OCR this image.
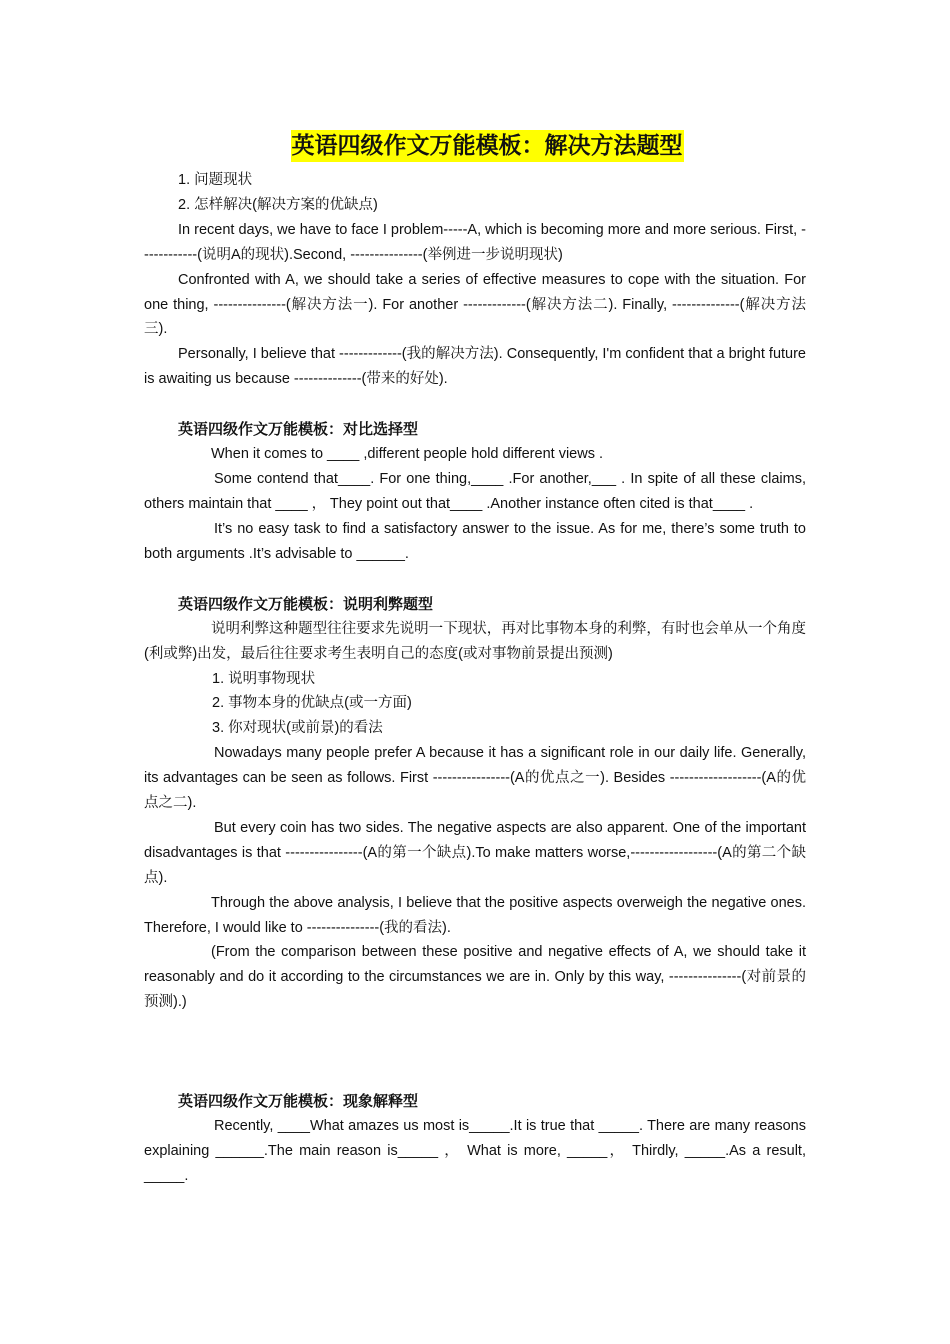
英语四级作文万能模板：解决方法题型

1. 问题现状

2. 怎样解决(解决方案的优缺点)

In recent days, we have to face I problem-----A, which is becoming more and more serious. First, ------------(说明A的现状).Second, ---------------(举例进一步说明现状)

Confronted with A, we should take a series of effective measures to cope with the situation. For one thing, ---------------(解决方法一). For another -------------(解决方法二). Finally, --------------(解决方法三).

Personally, I believe that -------------(我的解决方法). Consequently, I'm confident that a bright future is awaiting us because --------------(带来的好处).

英语四级作文万能模板：对比选择型

When it comes to ____ ,different people hold different views .

Some contend that____. For one thing,____ .For another,___ . In spite of all these claims, others maintain that ____ ， They point out that____ .Another instance often cited is that____ .

It’s no easy task to find a satisfactory answer to the issue. As for me, there’s some truth to both arguments .It’s advisable to ______.

英语四级作文万能模板：说明利弊题型

说明利弊这种题型往往要求先说明一下现状，再对比事物本身的利弊，有时也会单从一个角度(利或弊)出发，最后往往要求考生表明自己的态度(或对事物前景提出预测)

1. 说明事物现状

2. 事物本身的优缺点(或一方面)

3. 你对现状(或前景)的看法

Nowadays many people prefer A because it has a significant role in our daily life. Generally, its advantages can be seen as follows. First ----------------(A的优点之一). Besides -------------------(A的优点之二).

But every coin has two sides. The negative aspects are also apparent. One of the important disadvantages is that ----------------(A的第一个缺点).To make matters worse,------------------(A的第二个缺点).

Through the above analysis, I believe that the positive aspects overweigh the negative ones. Therefore, I would like to ---------------(我的看法).

(From the comparison between these positive and negative effects of A, we should take it reasonably and do it according to the circumstances we are in. Only by this way, ---------------(对前景的预测).)

英语四级作文万能模板：现象解释型

Recently, ____What amazes us most is_____.It is true that _____. There are many reasons explaining ______.The main reason is_____ ， What is more, _____， Thirdly, _____.As a result, _____.
